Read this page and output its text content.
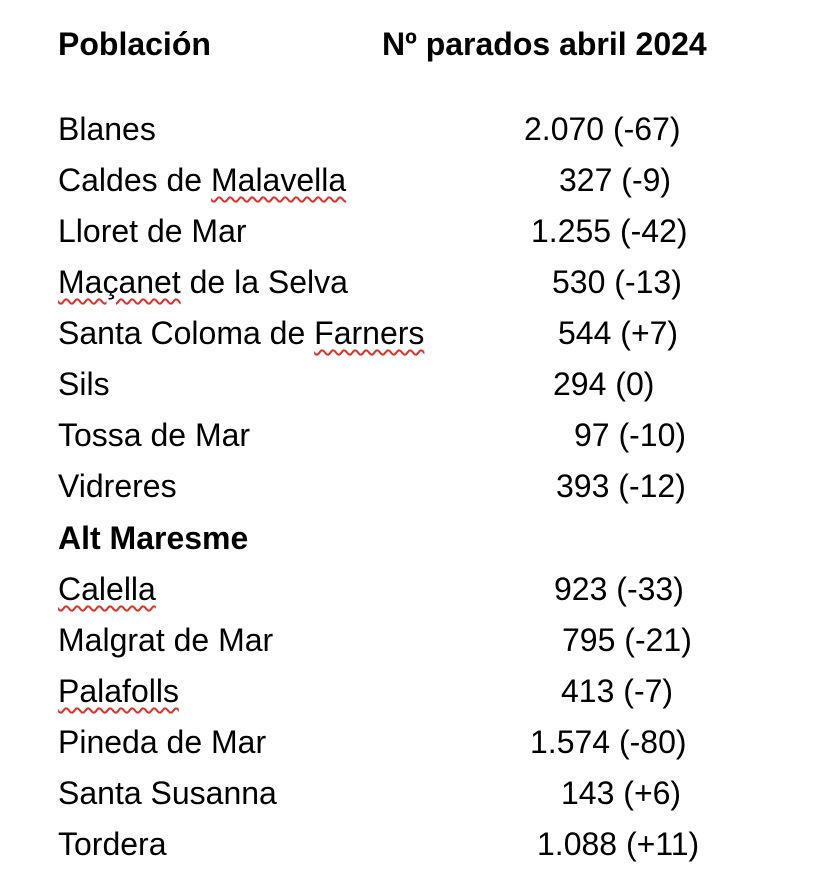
Población	Nº parados abril 2024
Blanes	2.070 (-67)
Caldes de Malavella	327 (-9)
Lloret de Mar	1.255 (-42)
Maçanet de la Selva	530 (-13)
Santa Coloma de Farners	544 (+7)
Sils	294 (0)
Tossa de Mar	97 (-10)
Vidreres	393 (-12)
Alt Maresme
Calella	923 (-33)
Malgrat de Mar	795 (-21)
Palafolls	413 (-7)
Pineda de Mar	1.574 (-80)
Santa Susanna	143 (+6)
Tordera	1.088 (+11)
